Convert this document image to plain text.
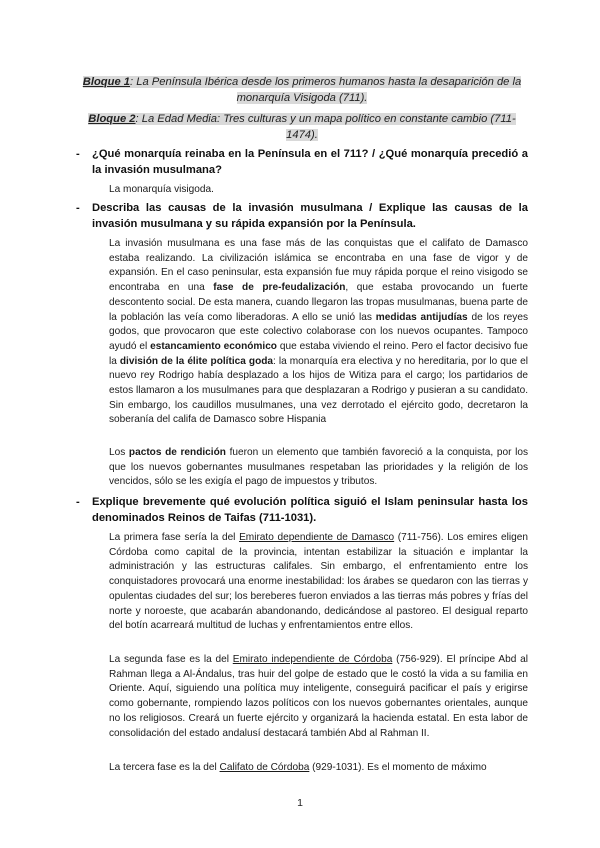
Bloque 1: La Península Ibérica desde los primeros humanos hasta la desaparición de la monarquía Visigoda (711).
Bloque 2: La Edad Media: Tres culturas y un mapa político en constante cambio (711-1474).
- ¿Qué monarquía reinaba en la Península en el 711? / ¿Qué monarquía precedió a la invasión musulmana?
La monarquía visigoda.
- Describa las causas de la invasión musulmana / Explique las causas de la invasión musulmana y su rápida expansión por la Península.
La invasión musulmana es una fase más de las conquistas que el califato de Damasco estaba realizando. La civilización islámica se encontraba en una fase de vigor y de expansión. En el caso peninsular, esta expansión fue muy rápida porque el reino visigodo se encontraba en una fase de pre-feudalización, que estaba provocando un fuerte descontento social. De esta manera, cuando llegaron las tropas musulmanas, buena parte de la población las veía como liberadoras. A ello se unió las medidas antijudías de los reyes godos, que provocaron que este colectivo colaborase con los nuevos ocupantes. Tampoco ayudó el estancamiento económico que estaba viviendo el reino. Pero el factor decisivo fue la división de la élite política goda: la monarquía era electiva y no hereditaria, por lo que el nuevo rey Rodrigo había desplazado a los hijos de Witiza para el cargo; los partidarios de estos llamaron a los musulmanes para que desplazaran a Rodrigo y pusieran a su candidato. Sin embargo, los caudillos musulmanes, una vez derrotado el ejército godo, decretaron la soberanía del califa de Damasco sobre Hispania
Los pactos de rendición fueron un elemento que también favoreció a la conquista, por los que los nuevos gobernantes musulmanes respetaban las prioridades y la religión de los vencidos, sólo se les exigía el pago de impuestos y tributos.
- Explique brevemente qué evolución política siguió el Islam peninsular hasta los denominados Reinos de Taifas (711-1031).
La primera fase sería la del Emirato dependiente de Damasco (711-756). Los emires eligen Córdoba como capital de la provincia, intentan estabilizar la situación e implantar la administración y las estructuras califales. Sin embargo, el enfrentamiento entre los conquistadores provocará una enorme inestabilidad: los árabes se quedaron con las tierras y opulentas ciudades del sur; los bereberes fueron enviados a las tierras más pobres y frías del norte y noroeste, que acabarán abandonando, dedicándose al pastoreo. El desigual reparto del botín acarreará multitud de luchas y enfrentamientos entre ellos.
La segunda fase es la del Emirato independiente de Córdoba (756-929). El príncipe Abd al Rahman llega a Al-Ándalus, tras huir del golpe de estado que le costó la vida a su familia en Oriente. Aquí, siguiendo una política muy inteligente, conseguirá pacificar el país y erigirse como gobernante, rompiendo lazos políticos con los nuevos gobernantes orientales, aunque no los religiosos. Creará un fuerte ejército y organizará la hacienda estatal. En esta labor de consolidación del estado andalusí destacará también Abd al Rahman II.
La tercera fase es la del Califato de Córdoba (929-1031). Es el momento de máximo
1
